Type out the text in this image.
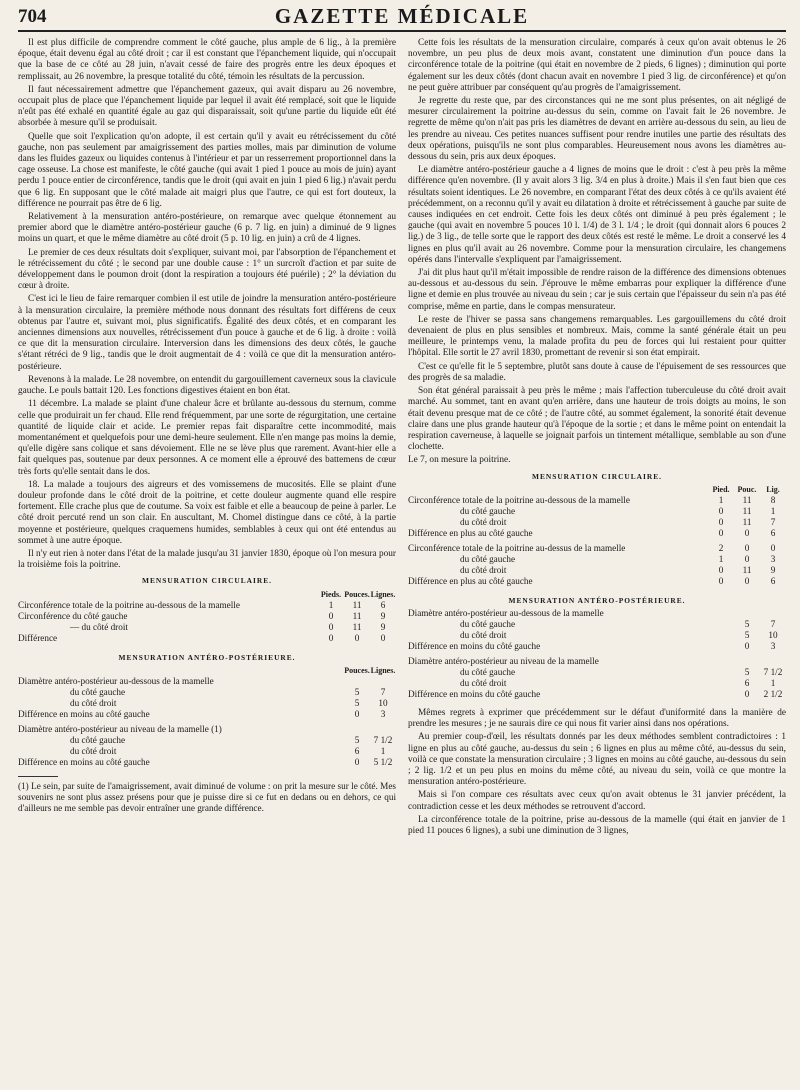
704	GAZETTE MÉDICALE

Il est plus difficile de comprendre comment le côté gauche, plus ample de 6 lig., à la première époque, était devenu égal au côté droit ; car il est constant que l'épanchement liquide, qui n'occupait que la base de ce côté au 28 juin, n'avait cessé de faire des progrès entre les deux époques et remplissait, au 26 novembre, la presque totalité du côté, témoin les résultats de la percussion.

Il faut nécessairement admettre que l'épanchement gazeux, qui avait disparu au 26 novembre, occupait plus de place que l'épanchement liquide par lequel il avait été remplacé, soit que le liquide n'eût pas été exhalé en quantité égale au gaz qui disparaissait, soit qu'une partie du liquide eût été absorbée à mesure qu'il se produisait.

Quelle que soit l'explication qu'on adopte, il est certain qu'il y avait eu rétrécissement du côté gauche, non pas seulement par amaigrissement des parties molles, mais par diminution de volume dans les fluides gazeux ou liquides contenus à l'intérieur et par un resserrement proportionnel dans la cage osseuse. La chose est manifeste, le côté gauche (qui avait 1 pied 1 pouce au mois de juin) ayant perdu 1 pouce entier de circonférence, tandis que le droit (qui avait en juin 1 pied 6 lig.) n'avait perdu que 6 lig. En supposant que le côté malade ait maigri plus que l'autre, ce qui est fort douteux, la différence ne pourrait pas être de 6 lig.

Relativement à la mensuration antéro-postérieure, on remarque avec quelque étonnement au premier abord que le diamètre antéro-postérieur gauche (6 p. 7 lig. en juin) a diminué de 9 lignes moins un quart, et que le même diamètre au côté droit (5 p. 10 lig. en juin) a crû de 4 lignes.

Le premier de ces deux résultats doit s'expliquer, suivant moi, par l'absorption de l'épanchement et le rétrécissement du côté ; le second par une double cause : 1° un surcroît d'action et par suite de développement dans le poumon droit (dont la respiration a toujours été puérile) ; 2° la déviation du cœur à droite.

C'est ici le lieu de faire remarquer combien il est utile de joindre la mensuration antéro-postérieure à la mensuration circulaire, la première méthode nous donnant des résultats fort différens de ceux obtenus par l'autre et, suivant moi, plus significatifs. Égalité des deux côtés, et en comparant les anciennes dimensions aux nouvelles, rétrécissement d'un pouce à gauche et de 6 lig. à droite : voilà ce que dit la mensuration circulaire. Interversion dans les dimensions des deux côtés, le gauche s'étant rétréci de 9 lig., tandis que le droit augmentait de 4 : voilà ce que dit la mensuration antéro-postérieure.

Revenons à la malade. Le 28 novembre, on entendit du gargouillement caverneux sous la clavicule gauche. Le pouls battait 120. Les fonctions digestives étaient en bon état.

11 décembre. La malade se plaint d'une chaleur âcre et brûlante au-dessous du sternum, comme celle que produirait un fer chaud. Elle rend fréquemment, par une sorte de régurgitation, une certaine quantité de liquide clair et acide. Le premier repas fait disparaître cette incommodité, mais momentanément et quelquefois pour une demi-heure seulement. Elle n'en mange pas moins la demie, qu'elle digère sans colique et sans dévoiement. Elle ne se lève plus que rarement. Avant-hier elle a fait quelques pas, soutenue par deux personnes. A ce moment elle a éprouvé des battemens de cœur très forts qu'elle sentait dans le dos.

18. La malade a toujours des aigreurs et des vomissemens de mucosités. Elle se plaint d'une douleur profonde dans le côté droit de la poitrine, et cette douleur augmente quand elle respire fortement. Elle crache plus que de coutume. Sa voix est faible et elle a beaucoup de peine à parler. Le côté droit percuté rend un son clair. En auscultant, M. Chomel distingue dans ce côté, à la partie moyenne et postérieure, quelques craquemens humides, semblables à ceux qui ont été entendus au sommet à une autre époque.

Il n'y eut rien à noter dans l'état de la malade jusqu'au 31 janvier 1830, époque où l'on mesura pour la troisième fois la poitrine.

MENSURATION CIRCULAIRE.
	Pieds.	Pouces.	Lignes.
Circonférence totale de la poitrine au-dessous de la mamelle	1	11	6
Circonférence du côté gauche	0	11	9
— du côté droit	0	11	9
Différence	0	0	0
MENSURATION ANTÉRO-POSTÉRIEURE.
	Pouces.	Lignes.
Diamètre antéro-postérieur au-dessous de la mamelle		
du côté gauche	5	7
du côté droit	5	10
Différence en moins au côté gauche	0	3
Diamètre antéro-postérieur au niveau de la mamelle (1)		
du côté gauche	5	7 1/2
du côté droit	6	1
Différence en moins au côté gauche	0	5 1/2
(1) Le sein, par suite de l'amaigrissement, avait diminué de volume : on prit la mesure sur le côté. Mes souvenirs ne sont plus assez présens pour que je puisse dire si ce fut en dedans ou en dehors, ce qui d'ailleurs ne me semble pas devoir entraîner une grande différence.

Cette fois les résultats de la mensuration circulaire, comparés à ceux qu'on avait obtenus le 26 novembre, un peu plus de deux mois avant, constatent une diminution d'un pouce dans la circonférence totale de la poitrine (qui était en novembre de 2 pieds, 6 lignes) ; diminution qui porte également sur les deux côtés (dont chacun avait en novembre 1 pied 3 lig. de circonférence) et qu'on ne peut guère attribuer par conséquent qu'au progrès de l'amaigrissement.

Je regrette du reste que, par des circonstances qui ne me sont plus présentes, on ait négligé de mesurer circulairement la poitrine au-dessus du sein, comme on l'avait fait le 26 novembre. Je regrette de même qu'on n'ait pas pris les diamètres de devant en arrière au-dessous du sein, au lieu de les prendre au niveau. Ces petites nuances suffisent pour rendre inutiles une partie des résultats des deux opérations, puisqu'ils ne sont plus comparables. Heureusement nous avons les diamètres au-dessous du sein, pris aux deux époques.

Le diamètre antéro-postérieur gauche a 4 lignes de moins que le droit : c'est à peu près la même différence qu'en novembre. (Il y avait alors 3 lig. 3/4 en plus à droite.) Mais il s'en faut bien que ces résultats soient identiques. Le 26 novembre, en comparant l'état des deux côtés à ce qu'ils avaient été précédemment, on a reconnu qu'il y avait eu dilatation à droite et rétrécissement à gauche par suite de causes indiquées en cet endroit. Cette fois les deux côtés ont diminué à peu près également ; le gauche (qui avait en novembre 5 pouces 10 l. 1/4) de 3 l. 1/4 ; le droit (qui donnait alors 6 pouces 2 lig.) de 3 lig., de telle sorte que le rapport des deux côtés est resté le même. Le droit a conservé les 4 lignes en plus qu'il avait au 26 novembre. Comme pour la mensuration circulaire, les changemens opérés dans l'intervalle s'expliquent par l'amaigrissement.

J'ai dit plus haut qu'il m'était impossible de rendre raison de la différence des dimensions obtenues au-dessous et au-dessous du sein. J'éprouve le même embarras pour expliquer la différence d'une ligne et demie en plus trouvée au niveau du sein ; car je suis certain que l'épaisseur du sein n'a pas été comprise, même en partie, dans le compas mensurateur.

Le reste de l'hiver se passa sans changemens remarquables. Les gargouillemens du côté droit devenaient de plus en plus sensibles et nombreux. Mais, comme la santé générale était un peu meilleure, le printemps venu, la malade profita du peu de forces qui lui restaient pour quitter l'hôpital. Elle sortit le 27 avril 1830, promettant de revenir si son état empirait.

C'est ce qu'elle fit le 5 septembre, plutôt sans doute à cause de l'épuisement de ses ressources que des progrès de sa maladie.

Son état général paraissait à peu près le même ; mais l'affection tuberculeuse du côté droit avait marché. Au sommet, tant en avant qu'en arrière, dans une hauteur de trois doigts au moins, le son était devenu presque mat de ce côté ; de l'autre côté, au sommet également, la sonorité était devenue claire dans une plus grande hauteur qu'à l'époque de la sortie ; et dans le même point on entendait la respiration caverneuse, à laquelle se joignait parfois un tintement métallique, semblable au son d'une clochette.

Le 7, on mesure la poitrine.

MENSURATION CIRCULAIRE.
	Pied.	Pouc.	Lig.
Circonférence totale de la poitrine au-dessous de la mamelle	1	11	8
du côté gauche	0	11	1
du côté droit	0	11	7
Différence en plus au côté gauche	0	0	6
Circonférence totale de la poitrine au-dessus de la mamelle	2	0	0
du côté gauche	1	0	3
du côté droit	0	11	9
Différence en plus au côté gauche	0	0	6
MENSURATION ANTÉRO-POSTÉRIEURE.
Diamètre antéro-postérieur au-dessous de la mamelle		
du côté gauche	5	7
du côté droit	5	10
Différence en moins du côté gauche	0	3
Diamètre antéro-postérieur au niveau de la mamelle		
du côté gauche	5	7 1/2
du côté droit	6	1
Différence en moins du côté gauche	0	2 1/2

Mêmes regrets à exprimer que précédemment sur le défaut d'uniformité dans la manière de prendre les mesures ; je ne saurais dire ce qui nous fit varier ainsi dans nos opérations.

Au premier coup-d'œil, les résultats donnés par les deux méthodes semblent contradictoires : 1 ligne en plus au côté gauche, au-dessus du sein ; 6 lignes en plus au même côté, au-dessus du sein, voilà ce que constate la mensuration circulaire ; 3 lignes en moins au côté gauche, au-dessous du sein ; 2 lig. 1/2 et un peu plus en moins du même côté, au niveau du sein, voilà ce que montre la mensuration antéro-postérieure.

Mais si l'on compare ces résultats avec ceux qu'on avait obtenus le 31 janvier précédent, la contradiction cesse et les deux méthodes se retrouvent d'accord.

La circonférence totale de la poitrine, prise au-dessous de la mamelle (qui était en janvier de 1 pied 11 pouces 6 lignes), a subi une diminution de 3 lignes,
